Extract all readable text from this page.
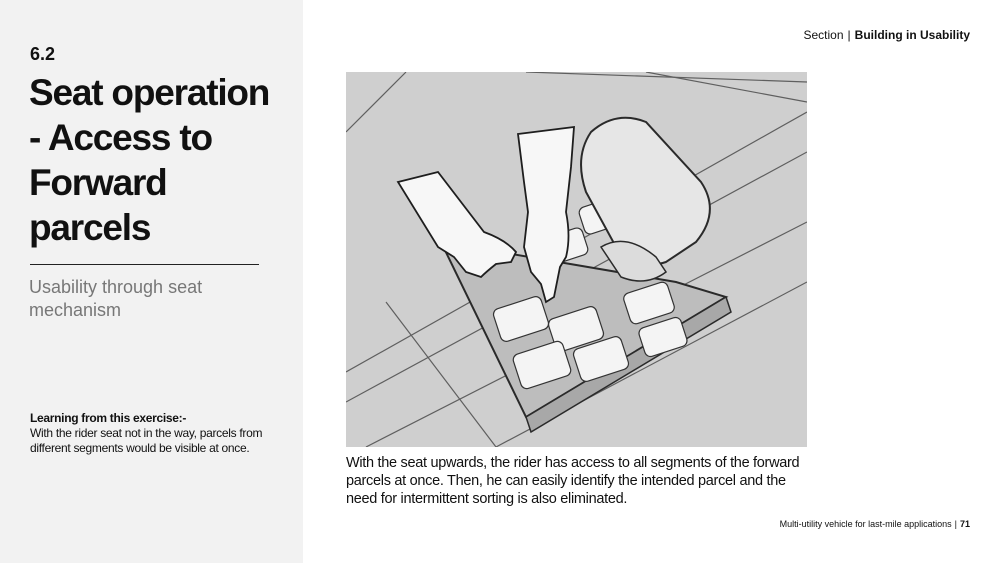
6.2
Seat operation - Access to Forward parcels
Usability through seat mechanism
Learning from this exercise:-
With the rider seat not in the way, parcels from different segments would be visible at once.
Section | Building in Usability
With the seat upwards, the rider has access to all segments of the forward parcels at once. Then, he can easily identify the intended parcel and the need for intermittent sorting is also eliminated.
Multi-utility vehicle for last-mile applications | 71
